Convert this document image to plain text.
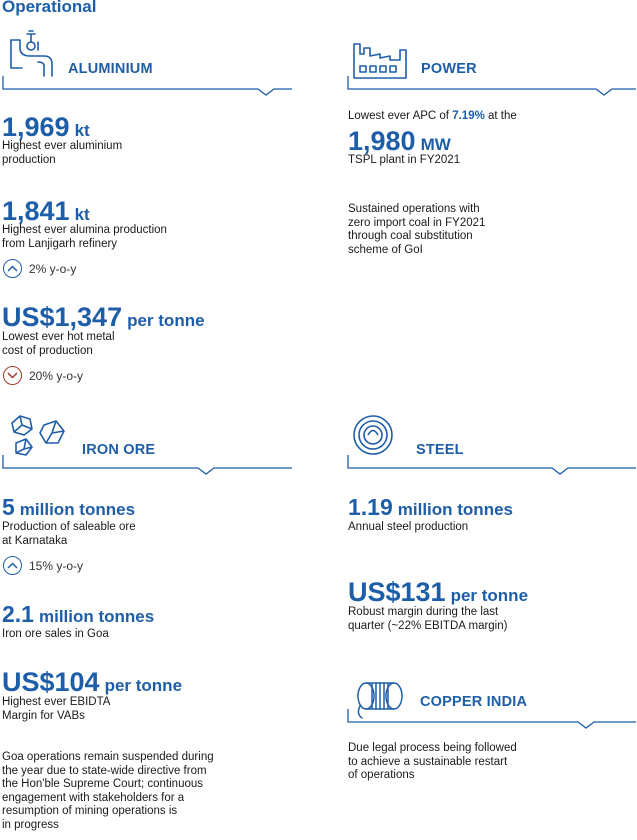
Operational
ALUMINIUM
1,969 kt
Highest ever aluminium
production
1,841 kt
Highest ever alumina production
from Lanjigarh refinery
2% y-o-y
US$1,347 per tonne
Lowest ever hot metal
cost of production
20% y-o-y
POWER
Lowest ever APC of 7.19% at the
1,980 MW
TSPL plant in FY2021
Sustained operations with
zero import coal in FY2021
through coal substitution
scheme of GoI
IRON ORE
5 million tonnes
Production of saleable ore
at Karnataka
15% y-o-y
2.1 million tonnes
Iron ore sales in Goa
US$104 per tonne
Highest ever EBIDTA
Margin for VABs
Goa operations remain suspended during
the year due to state-wide directive from
the Hon'ble Supreme Court; continuous
engagement with stakeholders for a
resumption of mining operations is
in progress
STEEL
1.19 million tonnes
Annual steel production
US$131 per tonne
Robust margin during the last
quarter (~22% EBITDA margin)
COPPER INDIA
Due legal process being followed
to achieve a sustainable restart
of operations
